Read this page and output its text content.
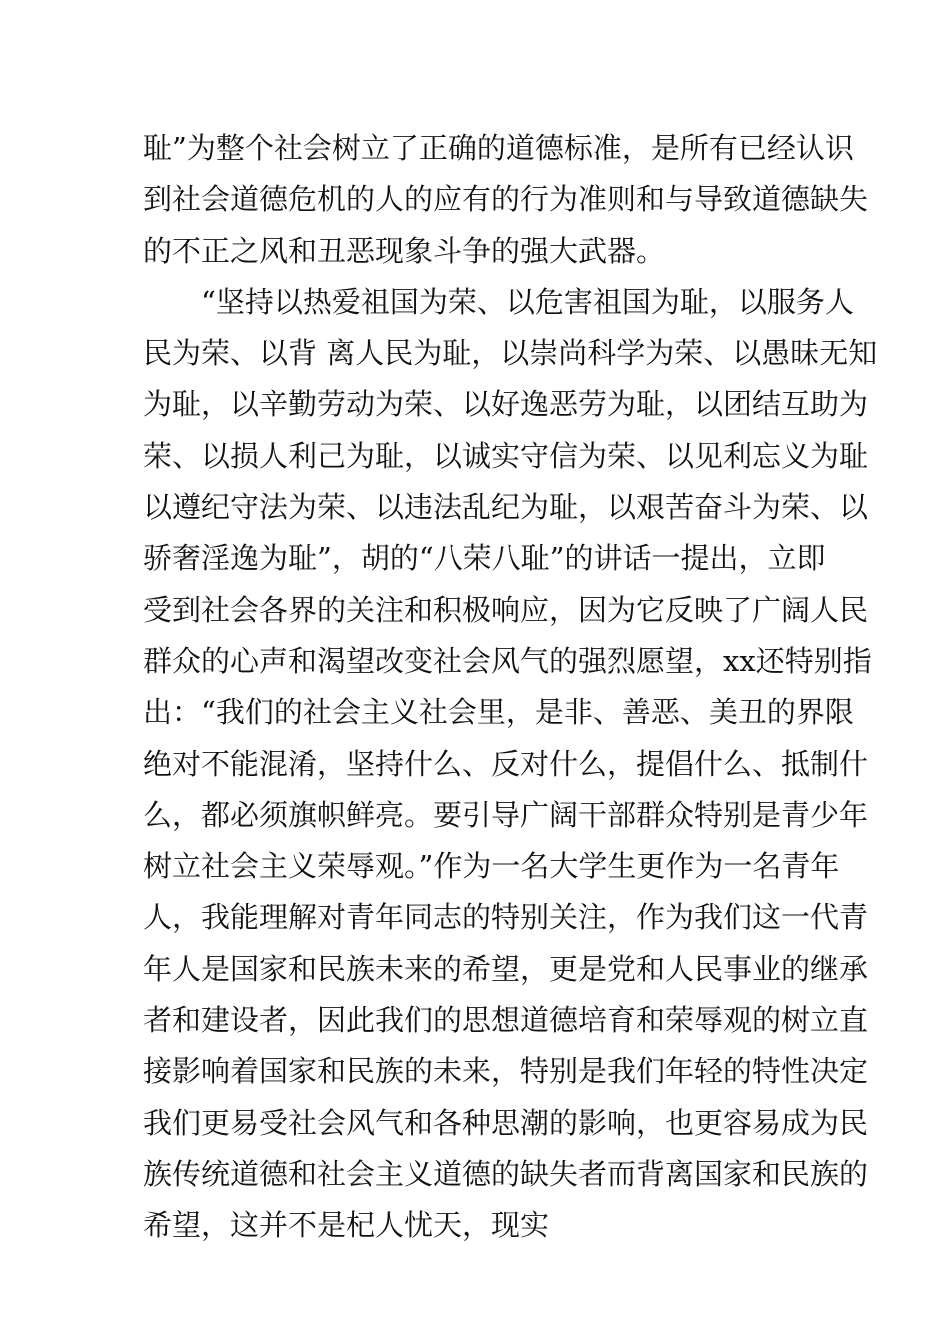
耻”为整个社会树立了正确的道德标准，是所有已经认识
到社会道德危机的人的应有的行为准则和与导致道德缺失
的不正之风和丑恶现象斗争的强大武器。
“坚持以热爱祖国为荣、以危害祖国为耻，以服务人
民为荣、以背 离人民为耻，以崇尚科学为荣、以愚昧无知
为耻，以辛勤劳动为荣、以好逸恶劳为耻，以团结互助为
荣、以损人利己为耻，以诚实守信为荣、以见利忘义为耻
以遵纪守法为荣、以违法乱纪为耻，以艰苦奋斗为荣、以
骄奢淫逸为耻”，胡的“八荣八耻”的讲话一提出，立即
受到社会各界的关注和积极响应，因为它反映了广阔人民
群众的心声和渴望改变社会风气的强烈愿望，xx还特别指
出：“我们的社会主义社会里，是非、善恶、美丑的界限
绝对不能混淆，坚持什么、反对什么，提倡什么、抵制什
么，都必须旗帜鲜亮。要引导广阔干部群众特别是青少年
树立社会主义荣辱观。”作为一名大学生更作为一名青年
人，我能理解对青年同志的特别关注，作为我们这一代青
年人是国家和民族未来的希望，更是党和人民事业的继承
者和建设者，因此我们的思想道德培育和荣辱观的树立直
接影响着国家和民族的未来，特别是我们年轻的特性决定
我们更易受社会风气和各种思潮的影响，也更容易成为民
族传统道德和社会主义道德的缺失者而背离国家和民族的
希望，这并不是杞人忧天，现实
